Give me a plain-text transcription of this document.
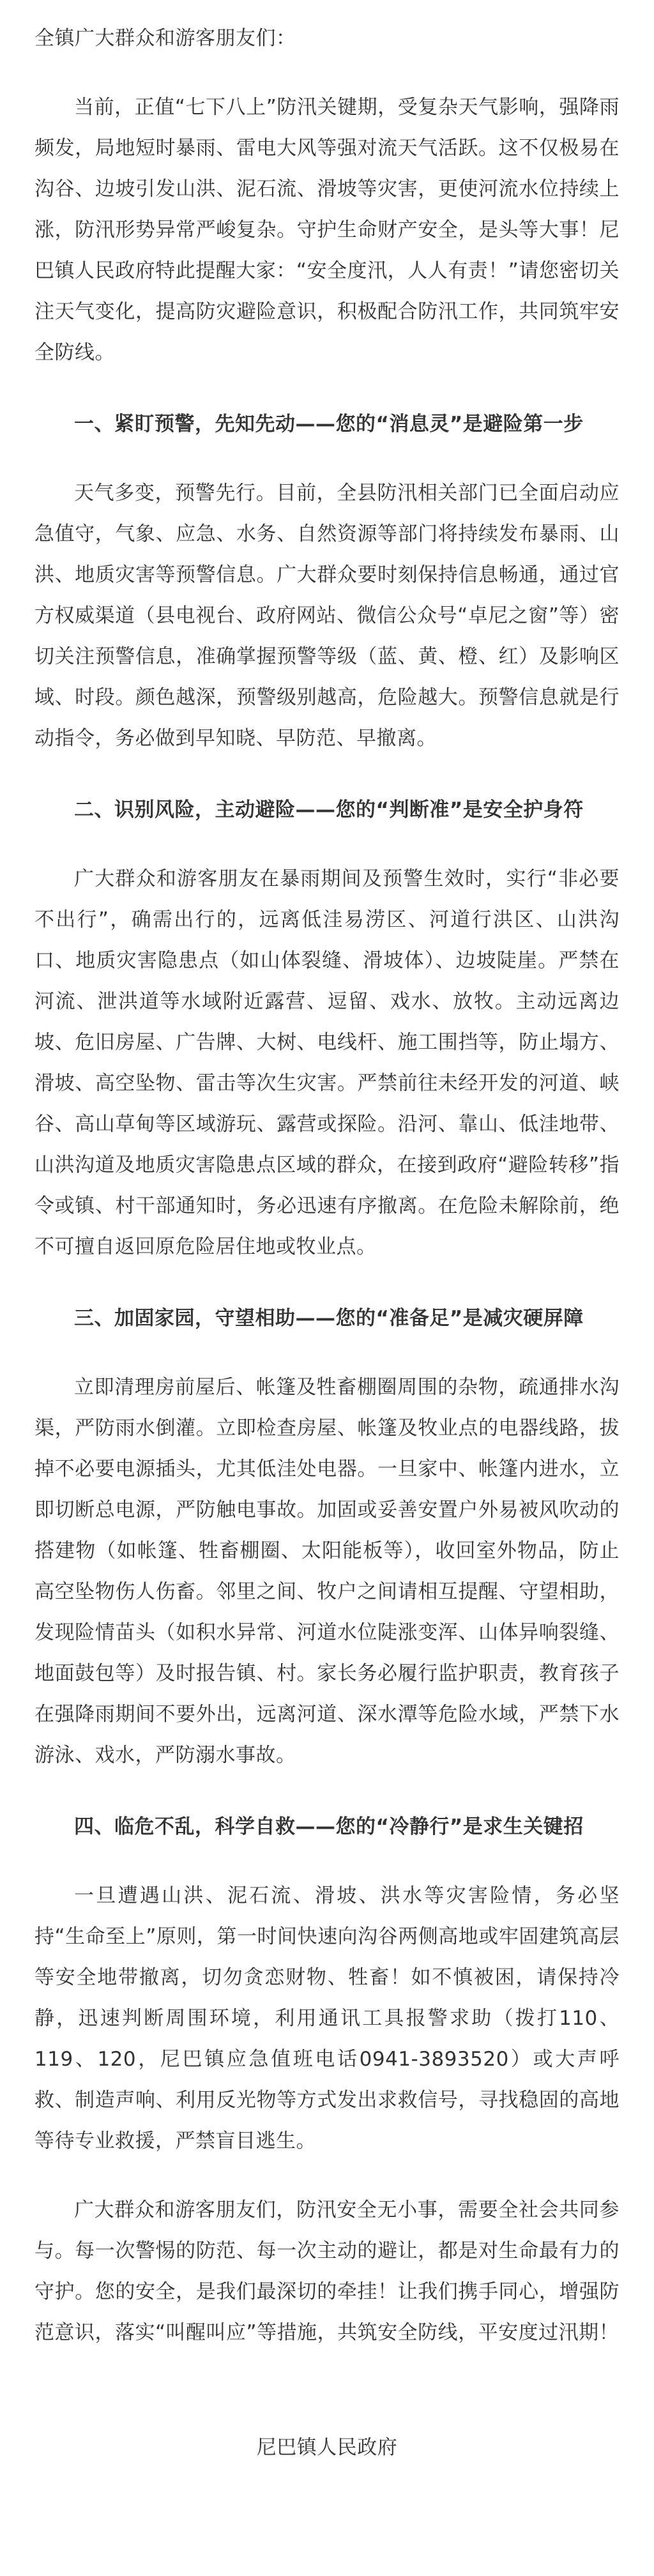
全镇广大群众和游客朋友们：

当前，正值“七下八上”防汛关键期，受复杂天气影响，强降雨频发，局地短时暴雨、雷电大风等强对流天气活跃。这不仅极易在沟谷、边坡引发山洪、泥石流、滑坡等灾害，更使河流水位持续上涨，防汛形势异常严峻复杂。守护生命财产安全，是头等大事！尼巴镇人民政府特此提醒大家：“安全度汛，人人有责！”请您密切关注天气变化，提高防灾避险意识，积极配合防汛工作，共同筑牢安全防线。

一、紧盯预警，先知先动——您的“消息灵”是避险第一步

天气多变，预警先行。目前，全县防汛相关部门已全面启动应急值守，气象、应急、水务、自然资源等部门将持续发布暴雨、山洪、地质灾害等预警信息。广大群众要时刻保持信息畅通，通过官方权威渠道（县电视台、政府网站、微信公众号“卓尼之窗”等）密切关注预警信息，准确掌握预警等级（蓝、黄、橙、红）及影响区域、时段。颜色越深，预警级别越高，危险越大。预警信息就是行动指令，务必做到早知晓、早防范、早撤离。

二、识别风险，主动避险——您的“判断准”是安全护身符

广大群众和游客朋友在暴雨期间及预警生效时，实行“非必要不出行”，确需出行的，远离低洼易涝区、河道行洪区、山洪沟口、地质灾害隐患点（如山体裂缝、滑坡体）、边坡陡崖。严禁在河流、泄洪道等水域附近露营、逗留、戏水、放牧。主动远离边坡、危旧房屋、广告牌、大树、电线杆、施工围挡等，防止塌方、滑坡、高空坠物、雷击等次生灾害。严禁前往未经开发的河道、峡谷、高山草甸等区域游玩、露营或探险。沿河、靠山、低洼地带、山洪沟道及地质灾害隐患点区域的群众，在接到政府“避险转移”指令或镇、村干部通知时，务必迅速有序撤离。在危险未解除前，绝不可擅自返回原危险居住地或牧业点。

三、加固家园，守望相助——您的“准备足”是减灾硬屏障

立即清理房前屋后、帐篷及牲畜棚圈周围的杂物，疏通排水沟渠，严防雨水倒灌。立即检查房屋、帐篷及牧业点的电器线路，拔掉不必要电源插头，尤其低洼处电器。一旦家中、帐篷内进水，立即切断总电源，严防触电事故。加固或妥善安置户外易被风吹动的搭建物（如帐篷、牲畜棚圈、太阳能板等），收回室外物品，防止高空坠物伤人伤畜。邻里之间、牧户之间请相互提醒、守望相助，发现险情苗头（如积水异常、河道水位陡涨变浑、山体异响裂缝、地面鼓包等）及时报告镇、村。家长务必履行监护职责，教育孩子在强降雨期间不要外出，远离河道、深水潭等危险水域，严禁下水游泳、戏水，严防溺水事故。

四、临危不乱，科学自救——您的“冷静行”是求生关键招

一旦遭遇山洪、泥石流、滑坡、洪水等灾害险情，务必坚持“生命至上”原则，第一时间快速向沟谷两侧高地或牢固建筑高层等安全地带撤离，切勿贪恋财物、牲畜！如不慎被困，请保持冷静，迅速判断周围环境，利用通讯工具报警求助（拨打110、119、120，尼巴镇应急值班电话0941-3893520）或大声呼救、制造声响、利用反光物等方式发出求救信号，寻找稳固的高地等待专业救援，严禁盲目逃生。

广大群众和游客朋友们，防汛安全无小事，需要全社会共同参与。每一次警惕的防范、每一次主动的避让，都是对生命最有力的守护。您的安全，是我们最深切的牵挂！让我们携手同心，增强防范意识，落实“叫醒叫应”等措施，共筑安全防线，平安度过汛期！

尼巴镇人民政府
